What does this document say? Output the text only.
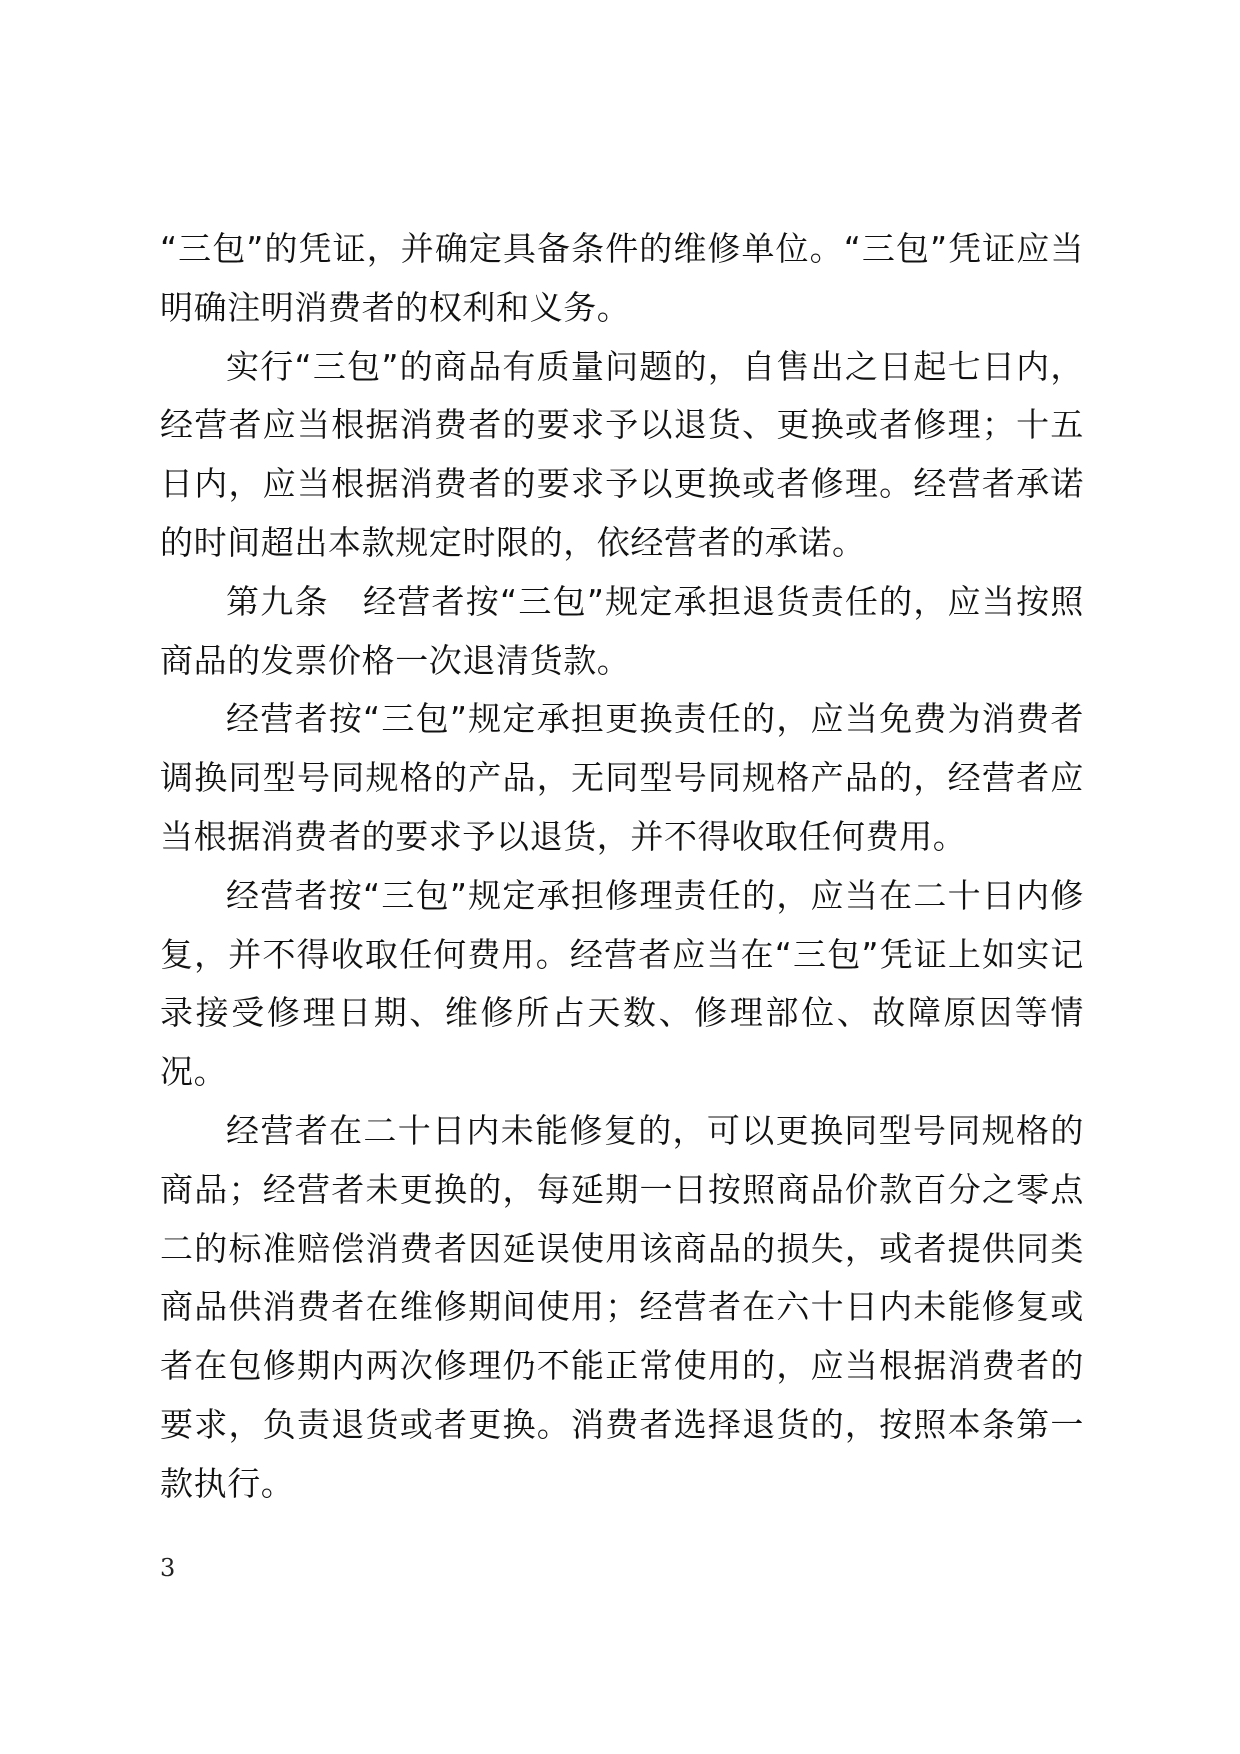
“三包”的凭证，并确定具备条件的维修单位。“三包”凭证应当明确注明消费者的权利和义务。

实行“三包”的商品有质量问题的，自售出之日起七日内，经营者应当根据消费者的要求予以退货、更换或者修理；十五日内，应当根据消费者的要求予以更换或者修理。经营者承诺的时间超出本款规定时限的，依经营者的承诺。

第九条　经营者按“三包”规定承担退货责任的，应当按照商品的发票价格一次退清货款。

经营者按“三包”规定承担更换责任的，应当免费为消费者调换同型号同规格的产品，无同型号同规格产品的，经营者应当根据消费者的要求予以退货，并不得收取任何费用。

经营者按“三包”规定承担修理责任的，应当在二十日内修复，并不得收取任何费用。经营者应当在“三包”凭证上如实记录接受修理日期、维修所占天数、修理部位、故障原因等情况。

经营者在二十日内未能修复的，可以更换同型号同规格的商品；经营者未更换的，每延期一日按照商品价款百分之零点二的标准赔偿消费者因延误使用该商品的损失，或者提供同类商品供消费者在维修期间使用；经营者在六十日内未能修复或者在包修期内两次修理仍不能正常使用的，应当根据消费者的要求，负责退货或者更换。消费者选择退货的，按照本条第一款执行。

3
